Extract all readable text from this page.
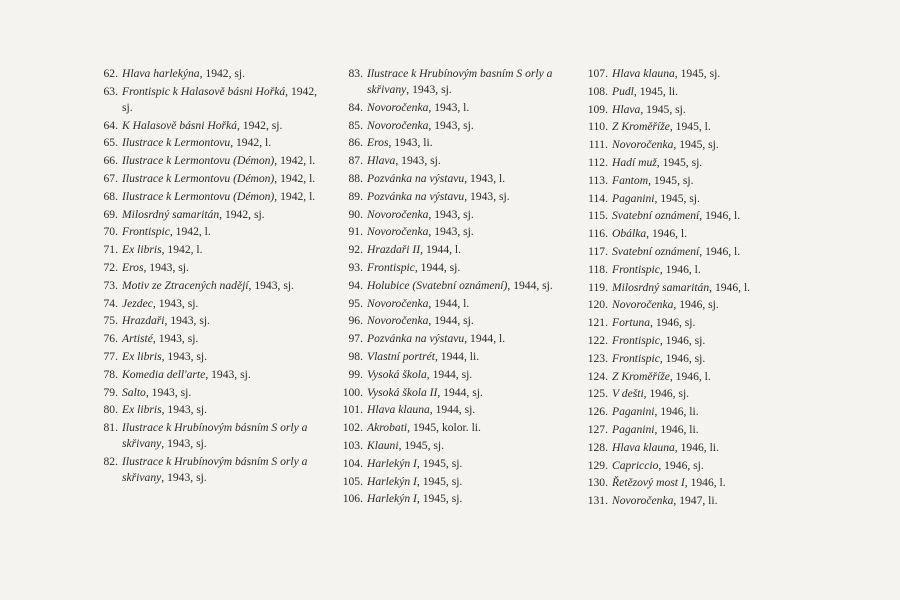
62. Hlava harlekýna, 1942, sj.
63. Frontispic k Halasově básni Hořká, 1942, sj.
64. K Halasově básni Hořká, 1942, sj.
65. Ilustrace k Lermontovu, 1942, l.
66. Ilustrace k Lermontovu (Démon), 1942, l.
67. Ilustrace k Lermontovu (Démon), 1942, l.
68. Ilustrace k Lermontovu (Démon), 1942, l.
69. Milosrdný samaritán, 1942, sj.
70. Frontispic, 1942, l.
71. Ex libris, 1942, l.
72. Eros, 1943, sj.
73. Motiv ze Ztracených nadějí, 1943, sj.
74. Jezdec, 1943, sj.
75. Hrazdaři, 1943, sj.
76. Artisté, 1943, sj.
77. Ex libris, 1943, sj.
78. Komedia dell'arte, 1943, sj.
79. Salto, 1943, sj.
80. Ex libris, 1943, sj.
81. Ilustrace k Hrubínovým básním S orly a skřivany, 1943, sj.
82. Ilustrace k Hrubínovým básním S orly a skřivany, 1943, sj.
83. Ilustrace k Hrubínovým basním S orly a skřivany, 1943, sj.
84. Novoročenka, 1943, l.
85. Novoročenka, 1943, sj.
86. Eros, 1943, li.
87. Hlava, 1943, sj.
88. Pozvánka na výstavu, 1943, l.
89. Pozvánka na výstavu, 1943, sj.
90. Novoročenka, 1943, sj.
91. Novoročenka, 1943, sj.
92. Hrazdaři II, 1944, l.
93. Frontispic, 1944, sj.
94. Holubice (Svatební oznámení), 1944, sj.
95. Novoročenka, 1944, l.
96. Novoročenka, 1944, sj.
97. Pozvánka na výstavu, 1944, l.
98. Vlastní portrét, 1944, li.
99. Vysoká škola, 1944, sj.
100. Vysoká škola II, 1944, sj.
101. Hlava klauna, 1944, sj.
102. Akrobati, 1945, kolor. li.
103. Klauni, 1945, sj.
104. Harlekýn I, 1945, sj.
105. Harlekýn I, 1945, sj.
106. Harlekýn I, 1945, sj.
107. Hlava klauna, 1945, sj.
108. Pudl, 1945, li.
109. Hlava, 1945, sj.
110. Z Kroměříže, 1945, l.
111. Novoročenka, 1945, sj.
112. Hadí muž, 1945, sj.
113. Fantom, 1945, sj.
114. Paganini, 1945, sj.
115. Svatební oznámení, 1946, l.
116. Obálka, 1946, l.
117. Svatební oznámení, 1946, l.
118. Frontispic, 1946, l.
119. Milosrdný samaritán, 1946, l.
120. Novoročenka, 1946, sj.
121. Fortuna, 1946, sj.
122. Frontispic, 1946, sj.
123. Frontispic, 1946, sj.
124. Z Kroměříže, 1946, l.
125. V dešti, 1946, sj.
126. Paganini, 1946, li.
127. Paganini, 1946, li.
128. Hlava klauna, 1946, li.
129. Capriccio, 1946, sj.
130. Řetězový most I, 1946, l.
131. Novoročenka, 1947, li.
